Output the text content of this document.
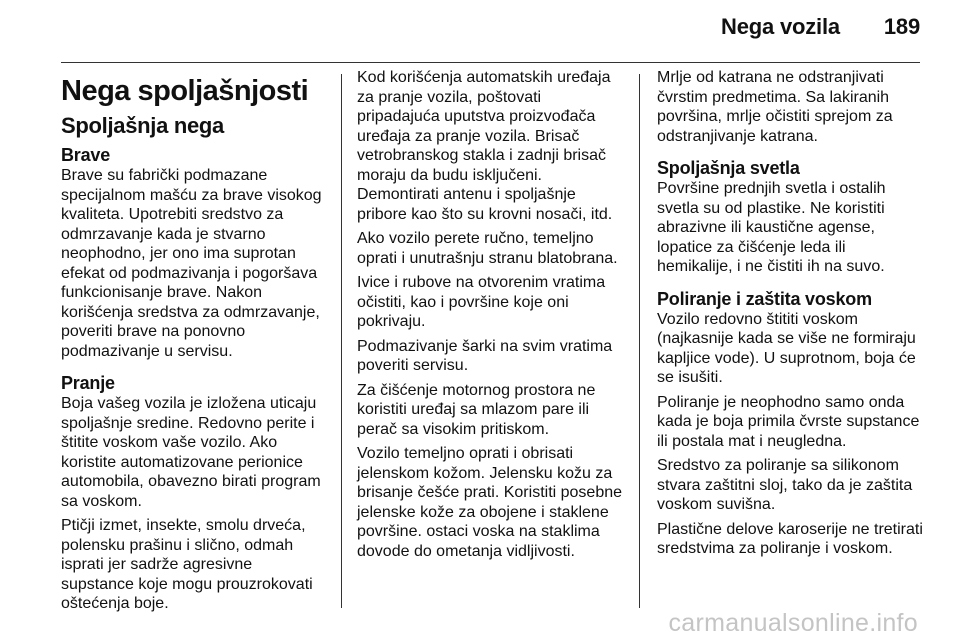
Nega vozila 189
Nega spoljašnjosti
Spoljašnja nega
Brave

Brave su fabrički podmazane specijalnom mašću za brave visokog kvaliteta. Upotrebiti sredstvo za odmrzavanje kada je stvarno neophodno, jer ono ima suprotan efekat od podmazivanja i pogoršava funkcionisanje brave. Nakon korišćenja sredstva za odmrzavanje, poveriti brave na ponovno podmazivanje u servisu.

Pranje

Boja vašeg vozila je izložena uticaju spoljašnje sredine. Redovno perite i štitite voskom vaše vozilo. Ako koristite automatizovane perionice automobila, obavezno birati program sa voskom.

Ptičji izmet, insekte, smolu drveća, polensku prašinu i slično, odmah isprati jer sadrže agresivne supstance koje mogu prouzrokovati oštećenja boje.

Kod korišćenja automatskih uređaja za pranje vozila, poštovati pripadajuća uputstva proizvođača uređaja za pranje vozila. Brisač vetrobranskog stakla i zadnji brisač moraju da budu isključeni. Demontirati antenu i spoljašnje pribore kao što su krovni nosači, itd.

Ako vozilo perete ručno, temeljno oprati i unutrašnju stranu blatobrana.

Ivice i rubove na otvorenim vratima očistiti, kao i površine koje oni pokrivaju.

Podmazivanje šarki na svim vratima poveriti servisu.

Za čišćenje motornog prostora ne koristiti uređaj sa mlazom pare ili perač sa visokim pritiskom.

Vozilo temeljno oprati i obrisati jelenskom kožom. Jelensku kožu za brisanje češće prati. Koristiti posebne jelenske kože za obojene i staklene površine. ostaci voska na staklima dovode do ometanja vidljivosti.

Mrlje od katrana ne odstranjivati čvrstim predmetima. Sa lakiranih površina, mrlje očistiti sprejom za odstranjivanje katrana.

Spoljašnja svetla

Površine prednjih svetla i ostalih svetla su od plastike. Ne koristiti abrazivne ili kaustične agense, lopatice za čišćenje leda ili hemikalije, i ne čistiti ih na suvo.

Poliranje i zaštita voskom

Vozilo redovno štititi voskom (najkasnije kada se više ne formiraju kapljice vode). U suprotnom, boja će se isušiti.

Poliranje je neophodno samo onda kada je boja primila čvrste supstance ili postala mat i neugledna.

Sredstvo za poliranje sa silikonom stvara zaštitni sloj, tako da je zaštita voskom suvišna.

Plastične delove karoserije ne tretirati sredstvima za poliranje i voskom.

carmanualsonline.info
